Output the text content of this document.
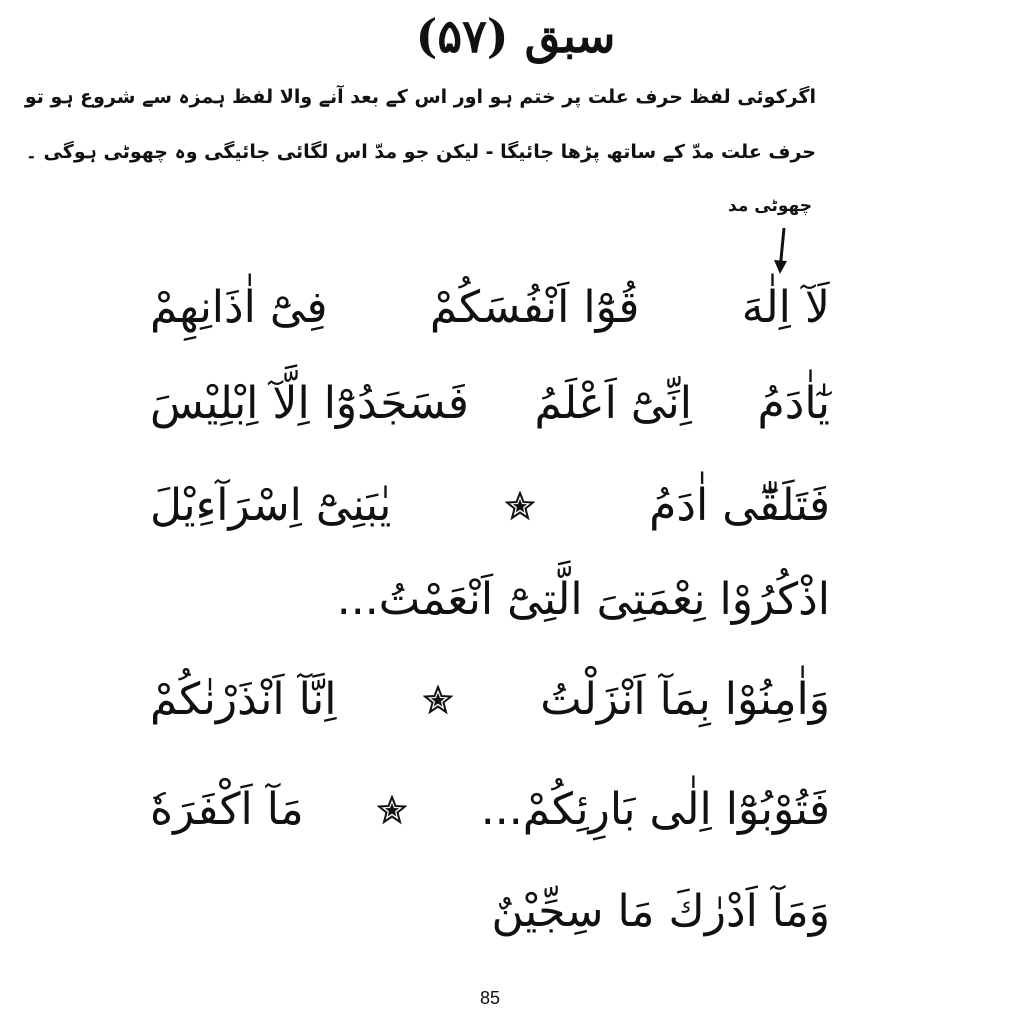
سبق (۵۷)
اگرکوئی لفظ حرف علت پر ختم ہو اور اس کے بعد آنے والا لفظ ہمزہ سے شروع ہو تو
حرف علت مدّ کے ساتھ پڑھا جائیگا - لیکن جو مدّ اس لگائی جائیگی وہ چھوٹی ہوگی ۔
چھوٹی مد
لَآ اِلٰهَ
قُوْٓا اَنْفُسَكُمْ
فِىْٓ اٰذَانِهِمْ
يٰٓاٰدَمُ
اِنِّىْٓ اَعْلَمُ
فَسَجَدُوْٓا اِلَّآ اِبْلِيْسَ
فَتَلَقّٰٓى اٰدَمُ
يٰبَنِىْٓ اِسْرَآءِيْلَ
اذْكُرُوْا نِعْمَتِىَ الَّتِىْٓ اَنْعَمْتُ...
وَاٰمِنُوْا بِمَآ اَنْزَلْتُ
اِنَّآ اَنْذَرْنٰكُمْ
فَتُوْبُوْٓا اِلٰى بَارِئِكُمْ...
مَآ اَكْفَرَهٗ
وَمَآ اَدْرٰكَ مَا سِجِّيْنٌ
85
